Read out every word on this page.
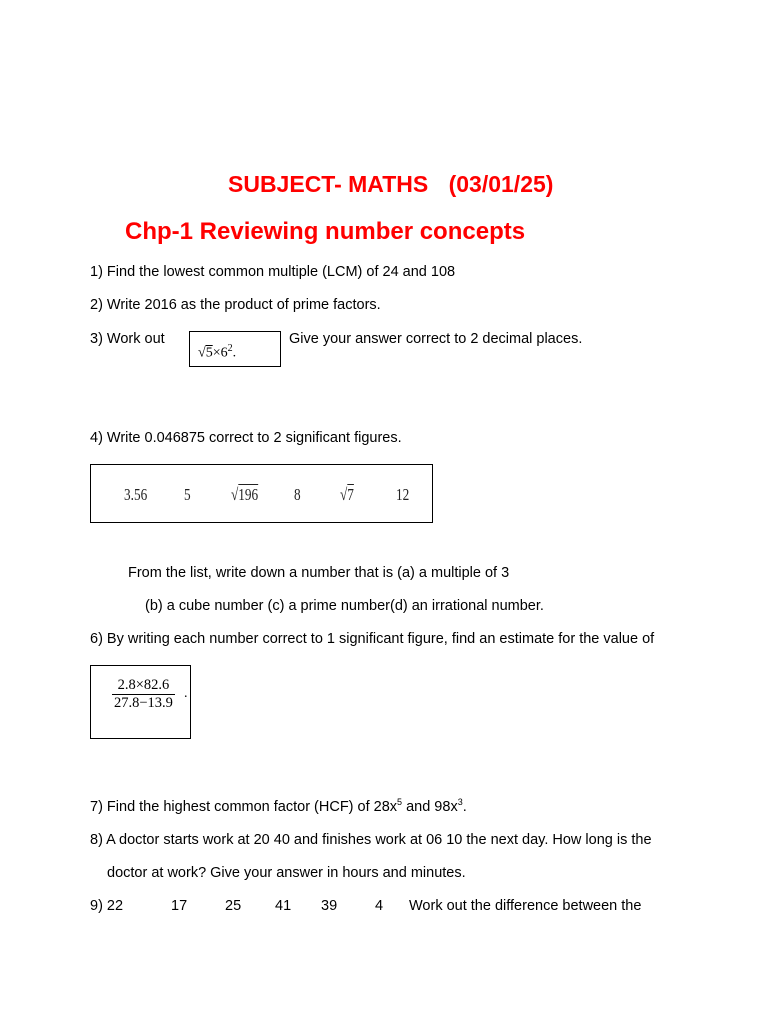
SUBJECT- MATHS (03/01/25)
Chp-1 Reviewing number concepts
1) Find the lowest common multiple (LCM) of 24 and 108
2) Write 2016 as the product of prime factors.
3) Work out
$√5\times 6^2$.
Give your answer correct to 2 decimal places.
4) Write 0.046875 correct to 2 significant figures.
3.56 5 √196 8 √7 12
From the list, write down a number that is (a) a multiple of 3
(b) a cube number (c) a prime number(d) an irrational number.
6) By writing each number correct to 1 significant figure, find an estimate for the value of
$\frac{2.8\times 82.6}{27.8-13.9}$ .
7) Find the highest common factor (HCF) of $28x^5$ and $98x^3$.
8) A doctor starts work at 20 40 and finishes work at 06 10 the next day. How long is the
doctor at work? Give your answer in hours and minutes.
9) 22	17	25 41 39	4 Work out the difference between the
